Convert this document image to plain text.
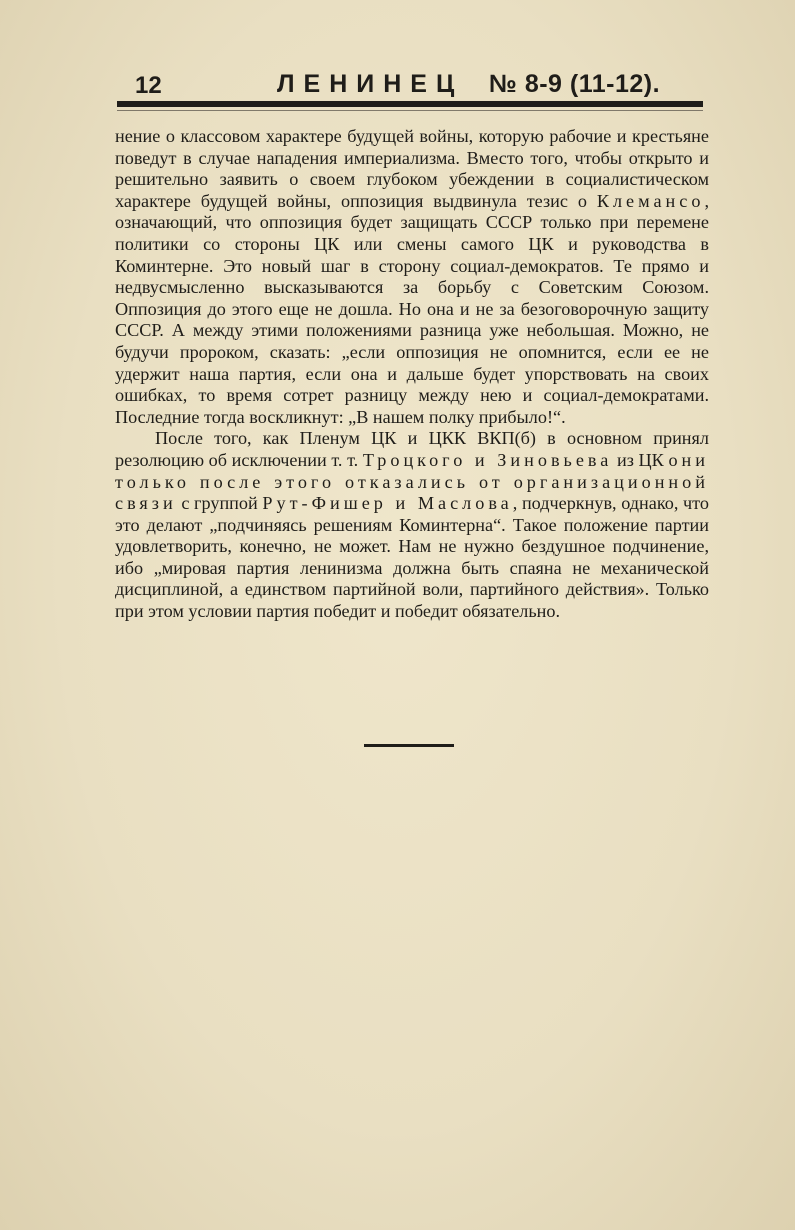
12	ЛЕНИНЕЦ № 8-9 (11-12).

нение о классовом характере будущей войны, которую рабочие и крестьяне поведут в случае нападения империализма. Вместо того, чтобы открыто и решительно заявить о своем глубоком убеждении в социалистическом характере будущей войны, оппозиция выдвинула тезис о Клемансо, означающий, что оппозиция будет защищать СССР только при перемене политики со стороны ЦК или смены самого ЦК и руководства в Коминтерне. Это новый шаг в сторону социал-демократов. Те прямо и недвусмысленно высказываются за борьбу с Советским Союзом. Оппозиция до этого еще не дошла. Но она и не за безоговорочную защиту СССР. А между этими положениями разница уже небольшая. Можно, не будучи пророком, сказать: „если оппозиция не опомнится, если ее не удержит наша партия, если она и дальше будет упорствовать на своих ошибках, то время сотрет разницу между нею и социал-демократами. Последние тогда воскликнут: „В нашем полку прибыло!“.

После того, как Пленум ЦК и ЦКК ВКП(б) в основном принял резолюцию об исключении т. т. Троцкого и Зиновьева из ЦК они только после этого отказались от организационной связи с группой Рут-Фишер и Маслова, подчеркнув, однако, что это делают „подчиняясь решениям Коминтерна“. Такое положение партии удовлетворить, конечно, не может. Нам не нужно бездушное подчинение, ибо „мировая партия ленинизма должна быть спаяна не механической дисциплиной, а единством партийной воли, партийного действия». Только при этом условии партия победит и победит обязательно.
